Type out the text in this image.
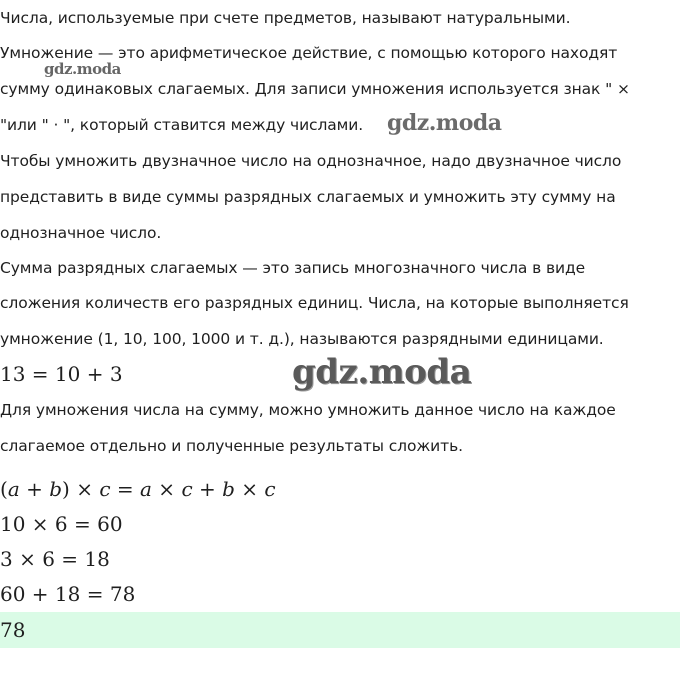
Числа, используемые при счете предметов, называют натуральными.
Умножение — это арифметическое действие, с помощью которого находят
сумму одинаковых слагаемых. Для записи умножения используется знак " ×
"или " · ", который ставится между числами.
Чтобы умножить двузначное число на однозначное, надо двузначное число
представить в виде суммы разрядных слагаемых и умножить эту сумму на
однозначное число.
Сумма разрядных слагаемых — это запись многозначного числа в виде
сложения количеств его разрядных единиц. Числа, на которые выполняется
умножение (1, 10, 100, 1000 и т. д.), называются разрядными единицами.
13 = 10 + 3
Для умножения числа на сумму, можно умножить данное число на каждое
слагаемое отдельно и полученные результаты сложить.
(a + b) × c = a × c + b × c
10 × 6 = 60
3 × 6 = 18
60 + 18 = 78
78
gdz.moda
gdz.moda
gdz.moda
